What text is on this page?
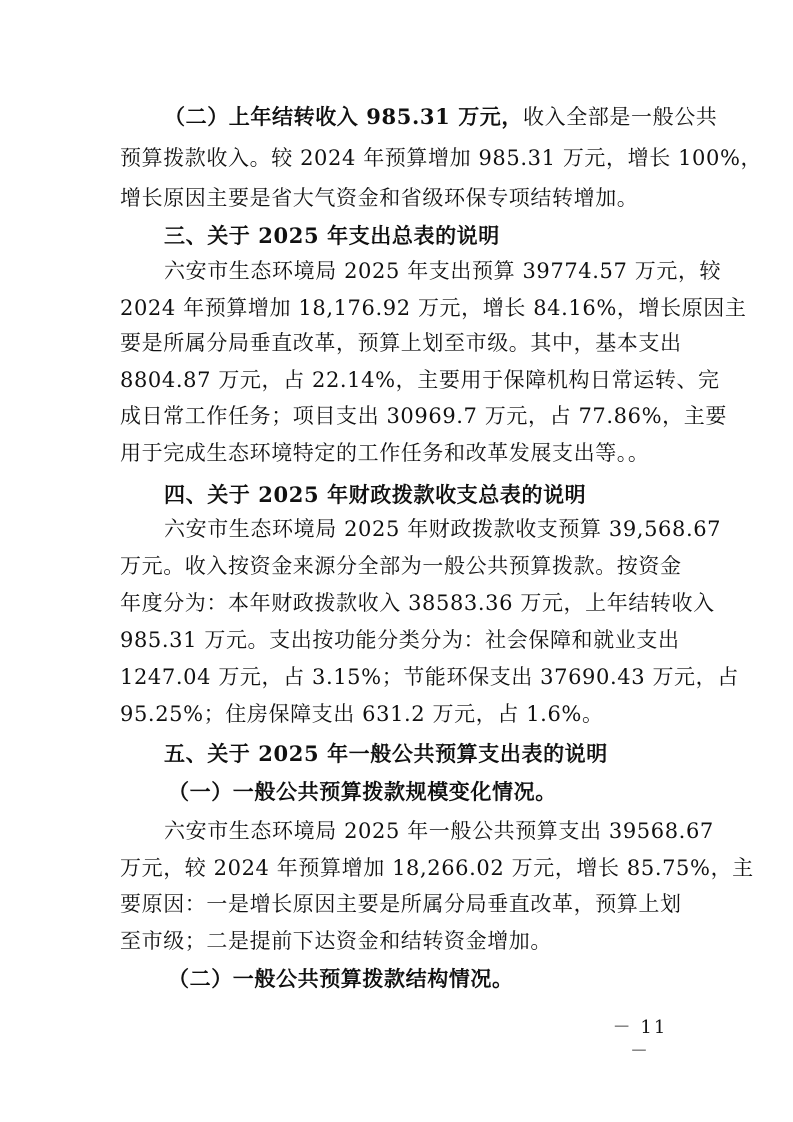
（二）上年结转收入 985.31 万元，收入全部是一般公共
预算拨款收入。较 2024 年预算增加 985.31 万元，增长 100%，
增长原因主要是省大气资金和省级环保专项结转增加。
三、关于 2025 年支出总表的说明
六安市生态环境局 2025 年支出预算 39774.57 万元，较
2024 年预算增加 18,176.92 万元，增长 84.16%，增长原因主
要是所属分局垂直改革，预算上划至市级。其中，基本支出
8804.87 万元，占 22.14%，主要用于保障机构日常运转、完
成日常工作任务；项目支出 30969.7 万元，占 77.86%，主要
用于完成生态环境特定的工作任务和改革发展支出等。。
四、关于 2025 年财政拨款收支总表的说明
六安市生态环境局 2025 年财政拨款收支预算 39,568.67
万元。收入按资金来源分全部为一般公共预算拨款。按资金
年度分为：本年财政拨款收入 38583.36 万元，上年结转收入
985.31 万元。支出按功能分类分为：社会保障和就业支出
1247.04 万元，占 3.15%；节能环保支出 37690.43 万元，占
95.25%；住房保障支出 631.2 万元，占 1.6%。
五、关于 2025 年一般公共预算支出表的说明
（一）一般公共预算拨款规模变化情况。
六安市生态环境局 2025 年一般公共预算支出 39568.67
万元，较 2024 年预算增加 18,266.02 万元，增长 85.75%，主
要原因：一是增长原因主要是所属分局垂直改革，预算上划
至市级；二是提前下达资金和结转资金增加。
（二）一般公共预算拨款结构情况。
－ 11 －
